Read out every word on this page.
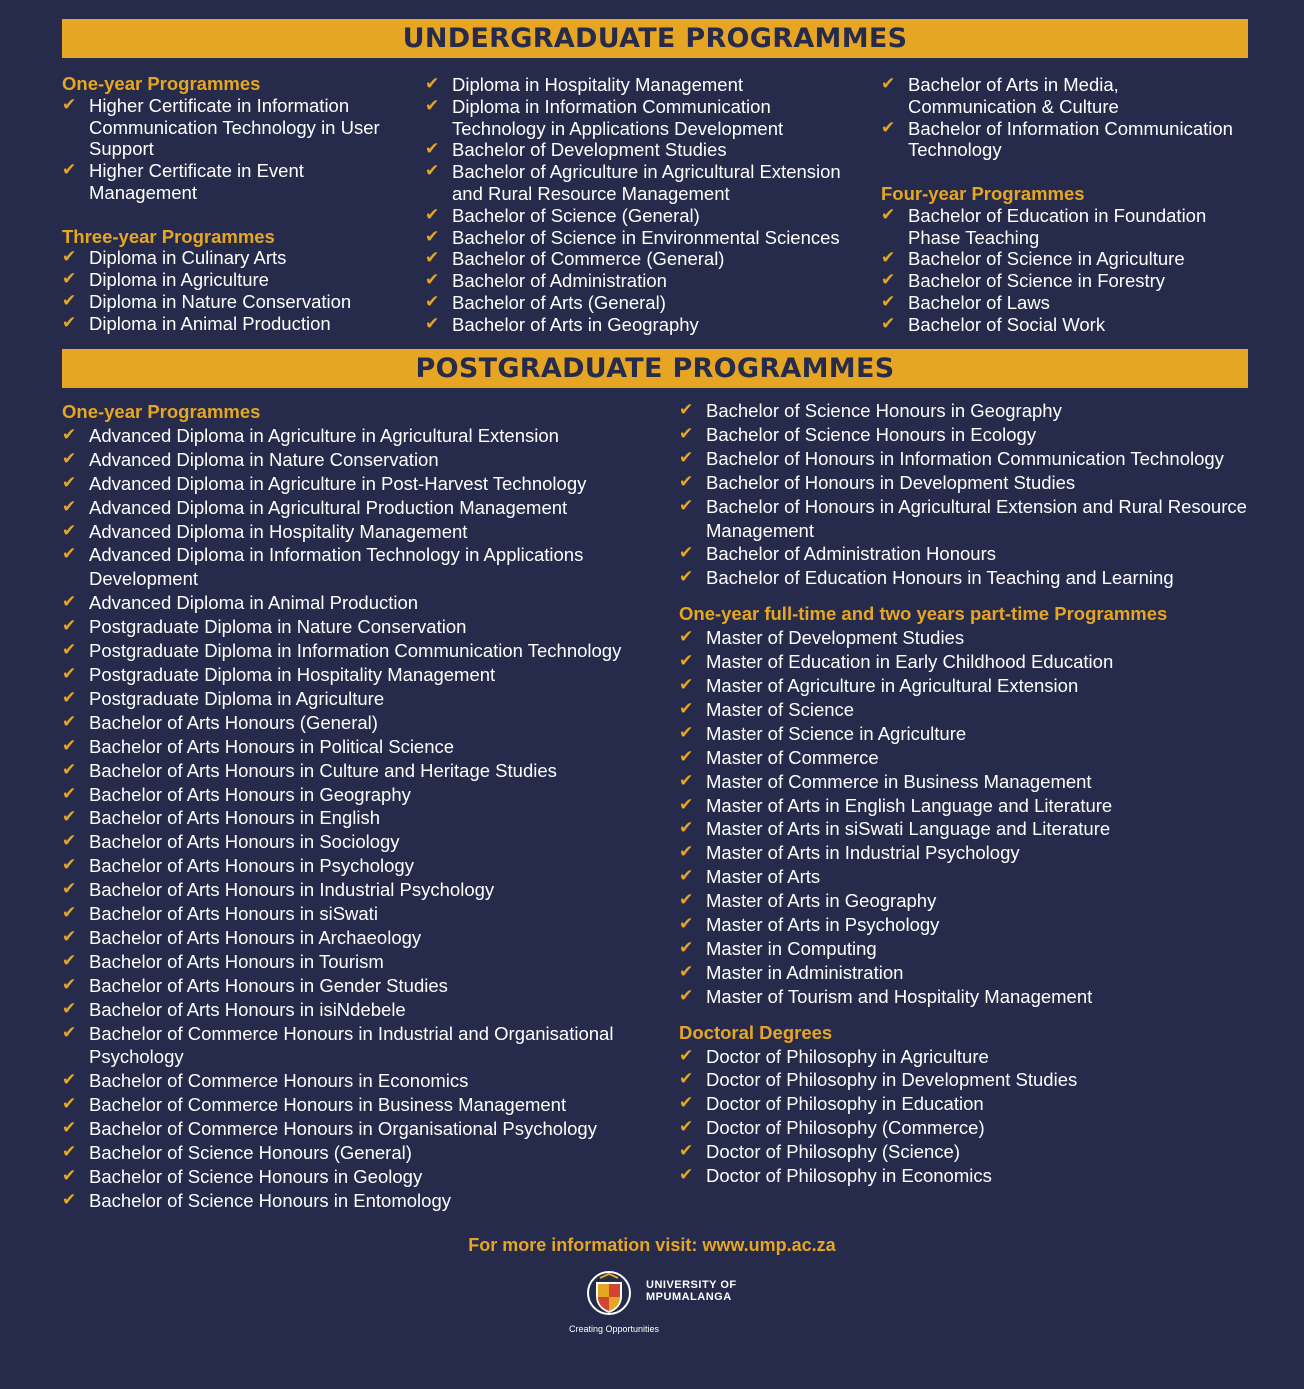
UNDERGRADUATE PROGRAMMES
One-year Programmes
✔ Higher Certificate in Information Communication Technology in User Support
✔ Higher Certificate in Event Management
Three-year Programmes
✔ Diploma in Culinary Arts
✔ Diploma in Agriculture
✔ Diploma in Nature Conservation
✔ Diploma in Animal Production
✔ Diploma in Hospitality Management
✔ Diploma in Information Communication Technology in Applications Development
✔ Bachelor of Development Studies
✔ Bachelor of Agriculture in Agricultural Extension and Rural Resource Management
✔ Bachelor of Science (General)
✔ Bachelor of Science in Environmental Sciences
✔ Bachelor of Commerce (General)
✔ Bachelor of Administration
✔ Bachelor of Arts (General)
✔ Bachelor of Arts in Geography
✔ Bachelor of Arts in Media, Communication & Culture
✔ Bachelor of Information Communication Technology
Four-year Programmes
✔ Bachelor of Education in Foundation Phase Teaching
✔ Bachelor of Science in Agriculture
✔ Bachelor of Science in Forestry
✔ Bachelor of Laws
✔ Bachelor of Social Work
POSTGRADUATE PROGRAMMES
One-year Programmes
✔ Advanced Diploma in Agriculture in Agricultural Extension
✔ Advanced Diploma in Nature Conservation
✔ Advanced Diploma in Agriculture in Post-Harvest Technology
✔ Advanced Diploma in Agricultural Production Management
✔ Advanced Diploma in Hospitality Management
✔ Advanced Diploma in Information Technology in Applications Development
✔ Advanced Diploma in Animal Production
✔ Postgraduate Diploma in Nature Conservation
✔ Postgraduate Diploma in Information Communication Technology
✔ Postgraduate Diploma in Hospitality Management
✔ Postgraduate Diploma in Agriculture
✔ Bachelor of Arts Honours (General)
✔ Bachelor of Arts Honours in Political Science
✔ Bachelor of Arts Honours in Culture and Heritage Studies
✔ Bachelor of Arts Honours in Geography
✔ Bachelor of Arts Honours in English
✔ Bachelor of Arts Honours in Sociology
✔ Bachelor of Arts Honours in Psychology
✔ Bachelor of Arts Honours in Industrial Psychology
✔ Bachelor of Arts Honours in siSwati
✔ Bachelor of Arts Honours in Archaeology
✔ Bachelor of Arts Honours in Tourism
✔ Bachelor of Arts Honours in Gender Studies
✔ Bachelor of Arts Honours in isiNdebele
✔ Bachelor of Commerce Honours in Industrial and Organisational Psychology
✔ Bachelor of Commerce Honours in Economics
✔ Bachelor of Commerce Honours in Business Management
✔ Bachelor of Commerce Honours in Organisational Psychology
✔ Bachelor of Science Honours (General)
✔ Bachelor of Science Honours in Geology
✔ Bachelor of Science Honours in Entomology
✔ Bachelor of Science Honours in Geography
✔ Bachelor of Science Honours in Ecology
✔ Bachelor of Honours in Information Communication Technology
✔ Bachelor of Honours in Development Studies
✔ Bachelor of Honours in Agricultural Extension and Rural Resource Management
✔ Bachelor of Administration Honours
✔ Bachelor of Education Honours in Teaching and Learning
One-year full-time and two years part-time Programmes
✔ Master of Development Studies
✔ Master of Education in Early Childhood Education
✔ Master of Agriculture in Agricultural Extension
✔ Master of Science
✔ Master of Science in Agriculture
✔ Master of Commerce
✔ Master of Commerce in Business Management
✔ Master of Arts in English Language and Literature
✔ Master of Arts in siSwati Language and Literature
✔ Master of Arts in Industrial Psychology
✔ Master of Arts
✔ Master of Arts in Geography
✔ Master of Arts in Psychology
✔ Master in Computing
✔ Master in Administration
✔ Master of Tourism and Hospitality Management
Doctoral Degrees
✔ Doctor of Philosophy in Agriculture
✔ Doctor of Philosophy in Development Studies
✔ Doctor of Philosophy in Education
✔ Doctor of Philosophy (Commerce)
✔ Doctor of Philosophy (Science)
✔ Doctor of Philosophy in Economics
For more information visit: www.ump.ac.za
UNIVERSITY OF
MPUMALANGA
Creating Opportunities
